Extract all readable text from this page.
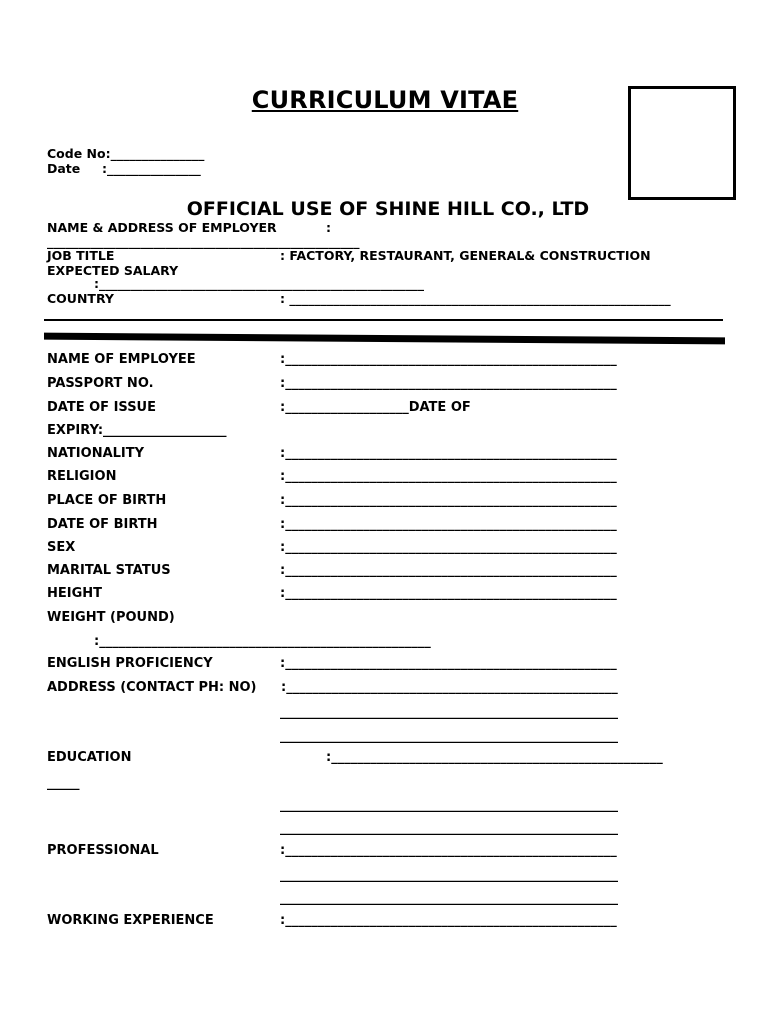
CURRICULUM VITAE
Code No:_______________
Date     :_______________
OFFICIAL USE OF SHINE HILL CO., LTD
NAME & ADDRESS OF EMPLOYER	:
__________________________________________________
JOB TITLE	: FACTORY, RESTAURANT, GENERAL& CONSTRUCTION
EXPECTED SALARY
:____________________________________________________
COUNTRY	: _____________________________________________________________
NAME OF EMPLOYEE	:___________________________________________________
PASSPORT NO.	:___________________________________________________
DATE OF ISSUE	:___________________DATE OF
EXPIRY:___________________
NATIONALITY	:___________________________________________________
RELIGION	:___________________________________________________
PLACE OF BIRTH	:___________________________________________________
DATE OF BIRTH	:___________________________________________________
SEX	:___________________________________________________
MARITAL STATUS	:___________________________________________________
HEIGHT	:___________________________________________________
WEIGHT (POUND)
:___________________________________________________
ENGLISH PROFICIENCY	:___________________________________________________
ADDRESS (CONTACT PH: NO) :___________________________________________________
____________________________________________________
____________________________________________________
EDUCATION	:___________________________________________________
_____
____________________________________________________
____________________________________________________
PROFESSIONAL	:___________________________________________________
____________________________________________________
____________________________________________________
WORKING EXPERIENCE	:___________________________________________________
